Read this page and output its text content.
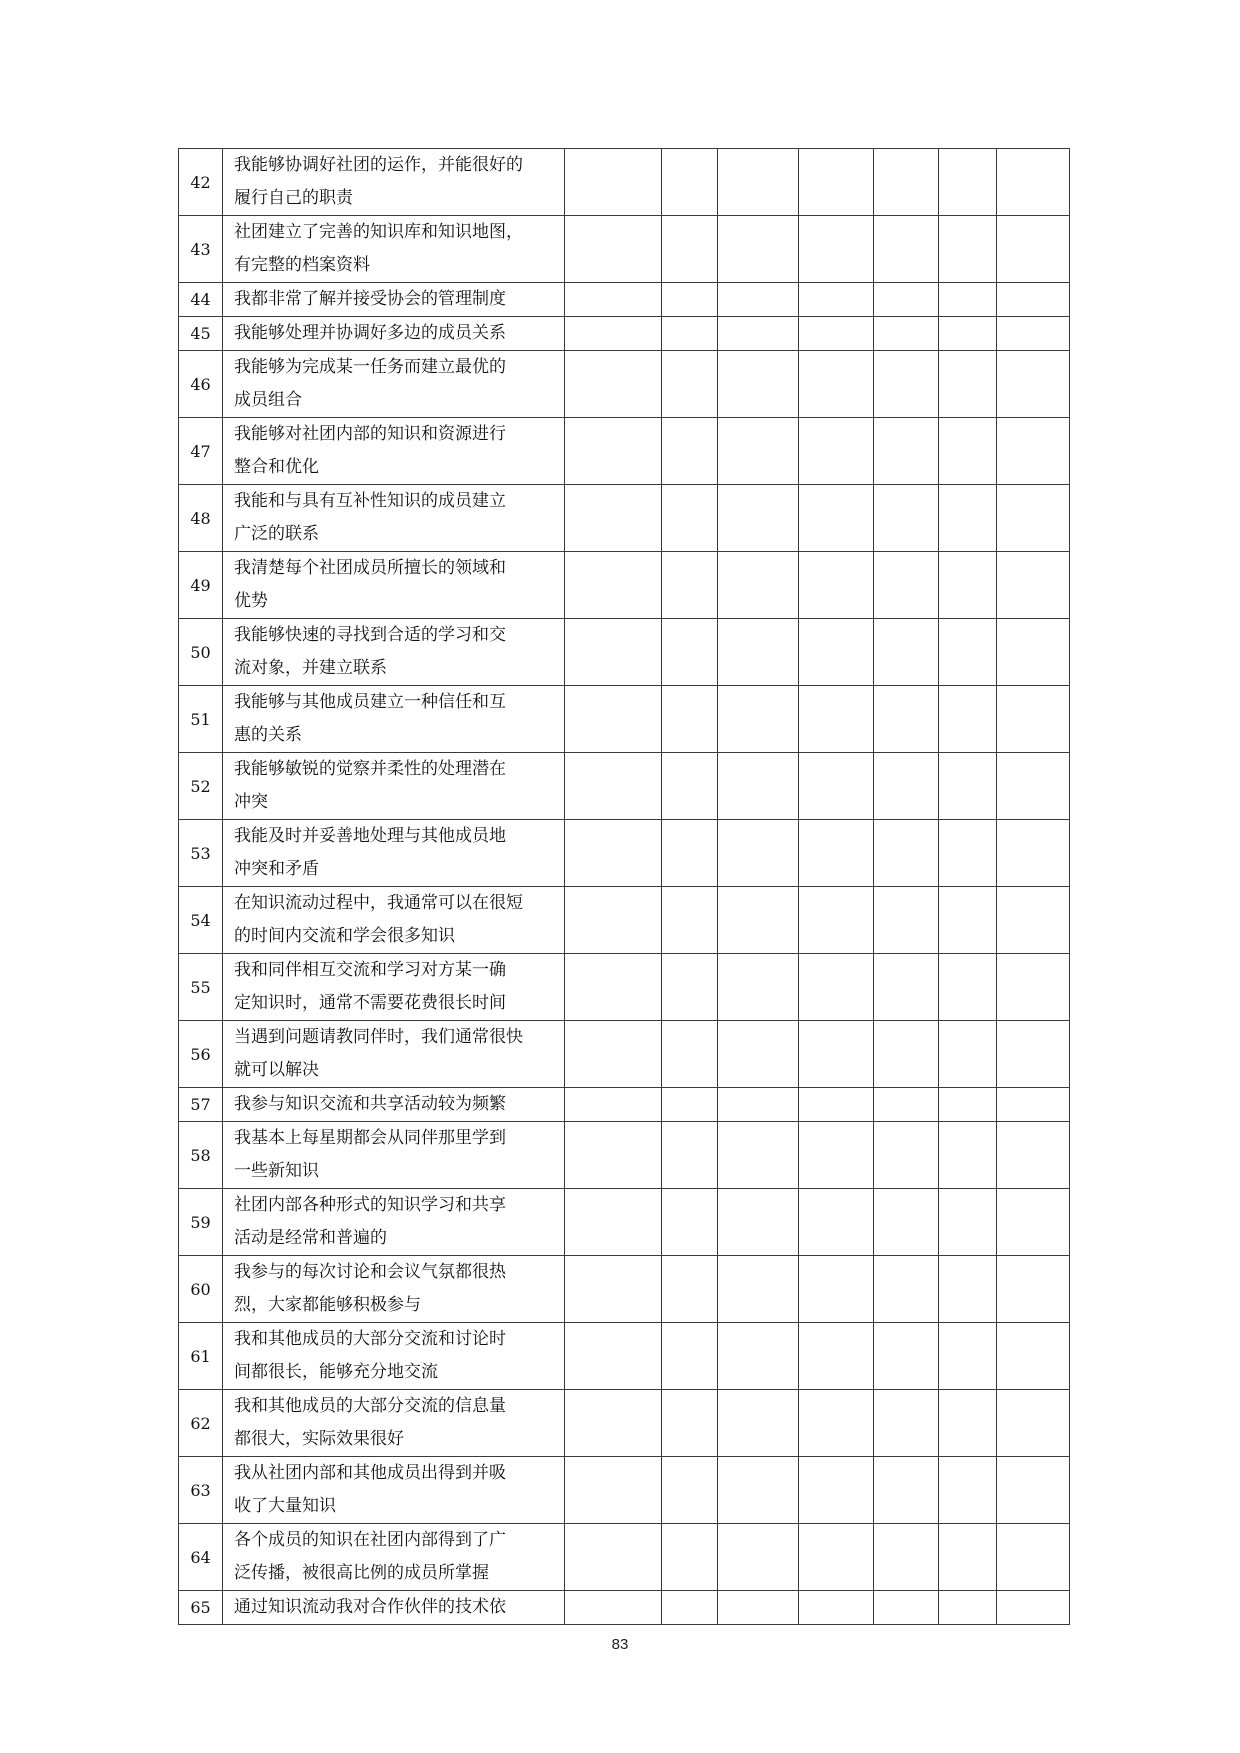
42	我能够协调好社团的运作，并能很好的
履行自己的职责							

43	社团建立了完善的知识库和知识地图，
有完整的档案资料							

44	我都非常了解并接受协会的管理制度							

45	我能够处理并协调好多边的成员关系							

46	我能够为完成某一任务而建立最优的
成员组合							

47	我能够对社团内部的知识和资源进行
整合和优化							

48	我能和与具有互补性知识的成员建立
广泛的联系							

49	我清楚每个社团成员所擅长的领域和
优势							

50	我能够快速的寻找到合适的学习和交
流对象，并建立联系							

51	我能够与其他成员建立一种信任和互
惠的关系							

52	我能够敏锐的觉察并柔性的处理潜在
冲突							

53	我能及时并妥善地处理与其他成员地
冲突和矛盾							

54	在知识流动过程中，我通常可以在很短
的时间内交流和学会很多知识							

55	我和同伴相互交流和学习对方某一确
定知识时，通常不需要花费很长时间							

56	当遇到问题请教同伴时，我们通常很快
就可以解决							

57	我参与知识交流和共享活动较为频繁							

58	我基本上每星期都会从同伴那里学到
一些新知识							

59	社团内部各种形式的知识学习和共享
活动是经常和普遍的							

60	我参与的每次讨论和会议气氛都很热
烈，大家都能够积极参与							

61	我和其他成员的大部分交流和讨论时
间都很长，能够充分地交流							

62	我和其他成员的大部分交流的信息量
都很大，实际效果很好							

63	我从社团内部和其他成员出得到并吸
收了大量知识							

64	各个成员的知识在社团内部得到了广
泛传播，被很高比例的成员所掌握							

65	通过知识流动我对合作伙伴的技术依							

83
